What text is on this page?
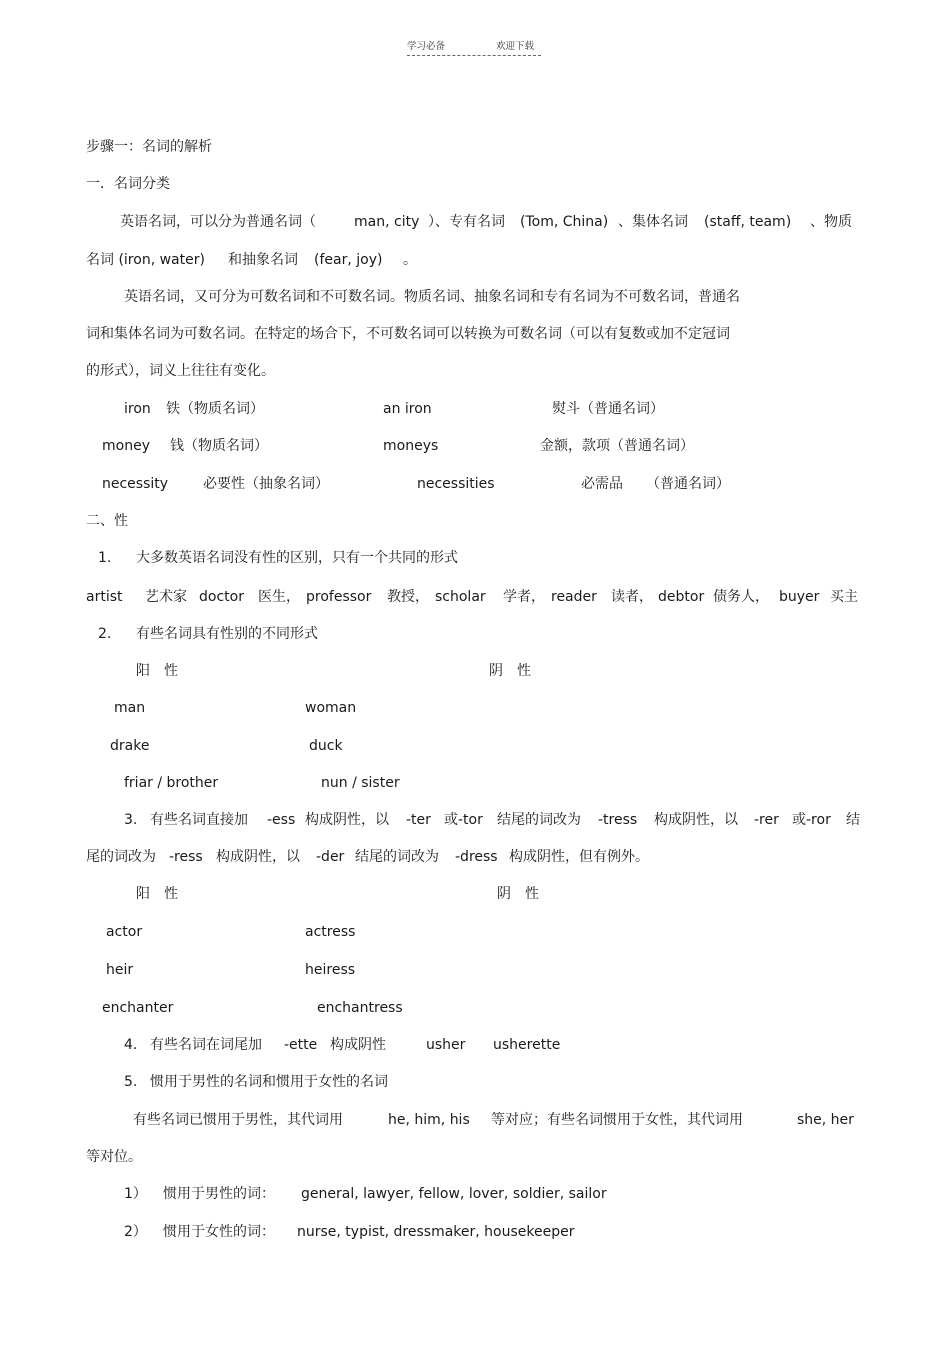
学习必备	欢迎下载
步骤一：名词的解析
一．名词分类
英语名词，可以分为普通名词（	man, city ）、专有名词 (Tom, China) 、集体名词 (staff, team) 、物质
名词 (iron, water) 和抽象名词 (fear, joy) 。
英语名词，又可分为可数名词和不可数名词。物质名词、抽象名词和专有名词为不可数名词，普通名
词和集体名词为可数名词。在特定的场合下，不可数名词可以转换为可数名词（可以有复数或加不定冠词
的形式），词义上往往有变化。
iron 铁（物质名词）	an iron	熨斗（普通名词）
money 钱（物质名词）	moneys	金额，款项（普通名词）
necessity 必要性（抽象名词）	necessities	必需品 （普通名词）
二、性
1. 大多数英语名词没有性的区别，只有一个共同的形式
artist 艺术家 doctor 医生， professor 教授， scholar 学者， reader 读者， debtor 债务人， buyer 买主
2. 有些名词具有性别的不同形式
阳　性	阴　性
man	woman
drake	duck
friar / brother	nun / sister
3. 有些名词直接加 -ess 构成阴性，以 -ter 或-tor 结尾的词改为 -tress 构成阴性，以 -rer 或-ror 结
尾的词改为 -ress 构成阴性，以 -der 结尾的词改为 -dress 构成阴性，但有例外。
阳　性	阴　性
actor	actress
heir	heiress
enchanter	enchantress
4. 有些名词在词尾加 -ette 构成阴性	usher usherette
5. 惯用于男性的名词和惯用于女性的名词
有些名词已惯用于男性，其代词用	he, him, his 等对应；有些名词惯用于女性，其代词用	she, her
等对位。
1） 惯用于男性的词： general, lawyer, fellow, lover, soldier, sailor
2） 惯用于女性的词： nurse, typist, dressmaker, housekeeper
